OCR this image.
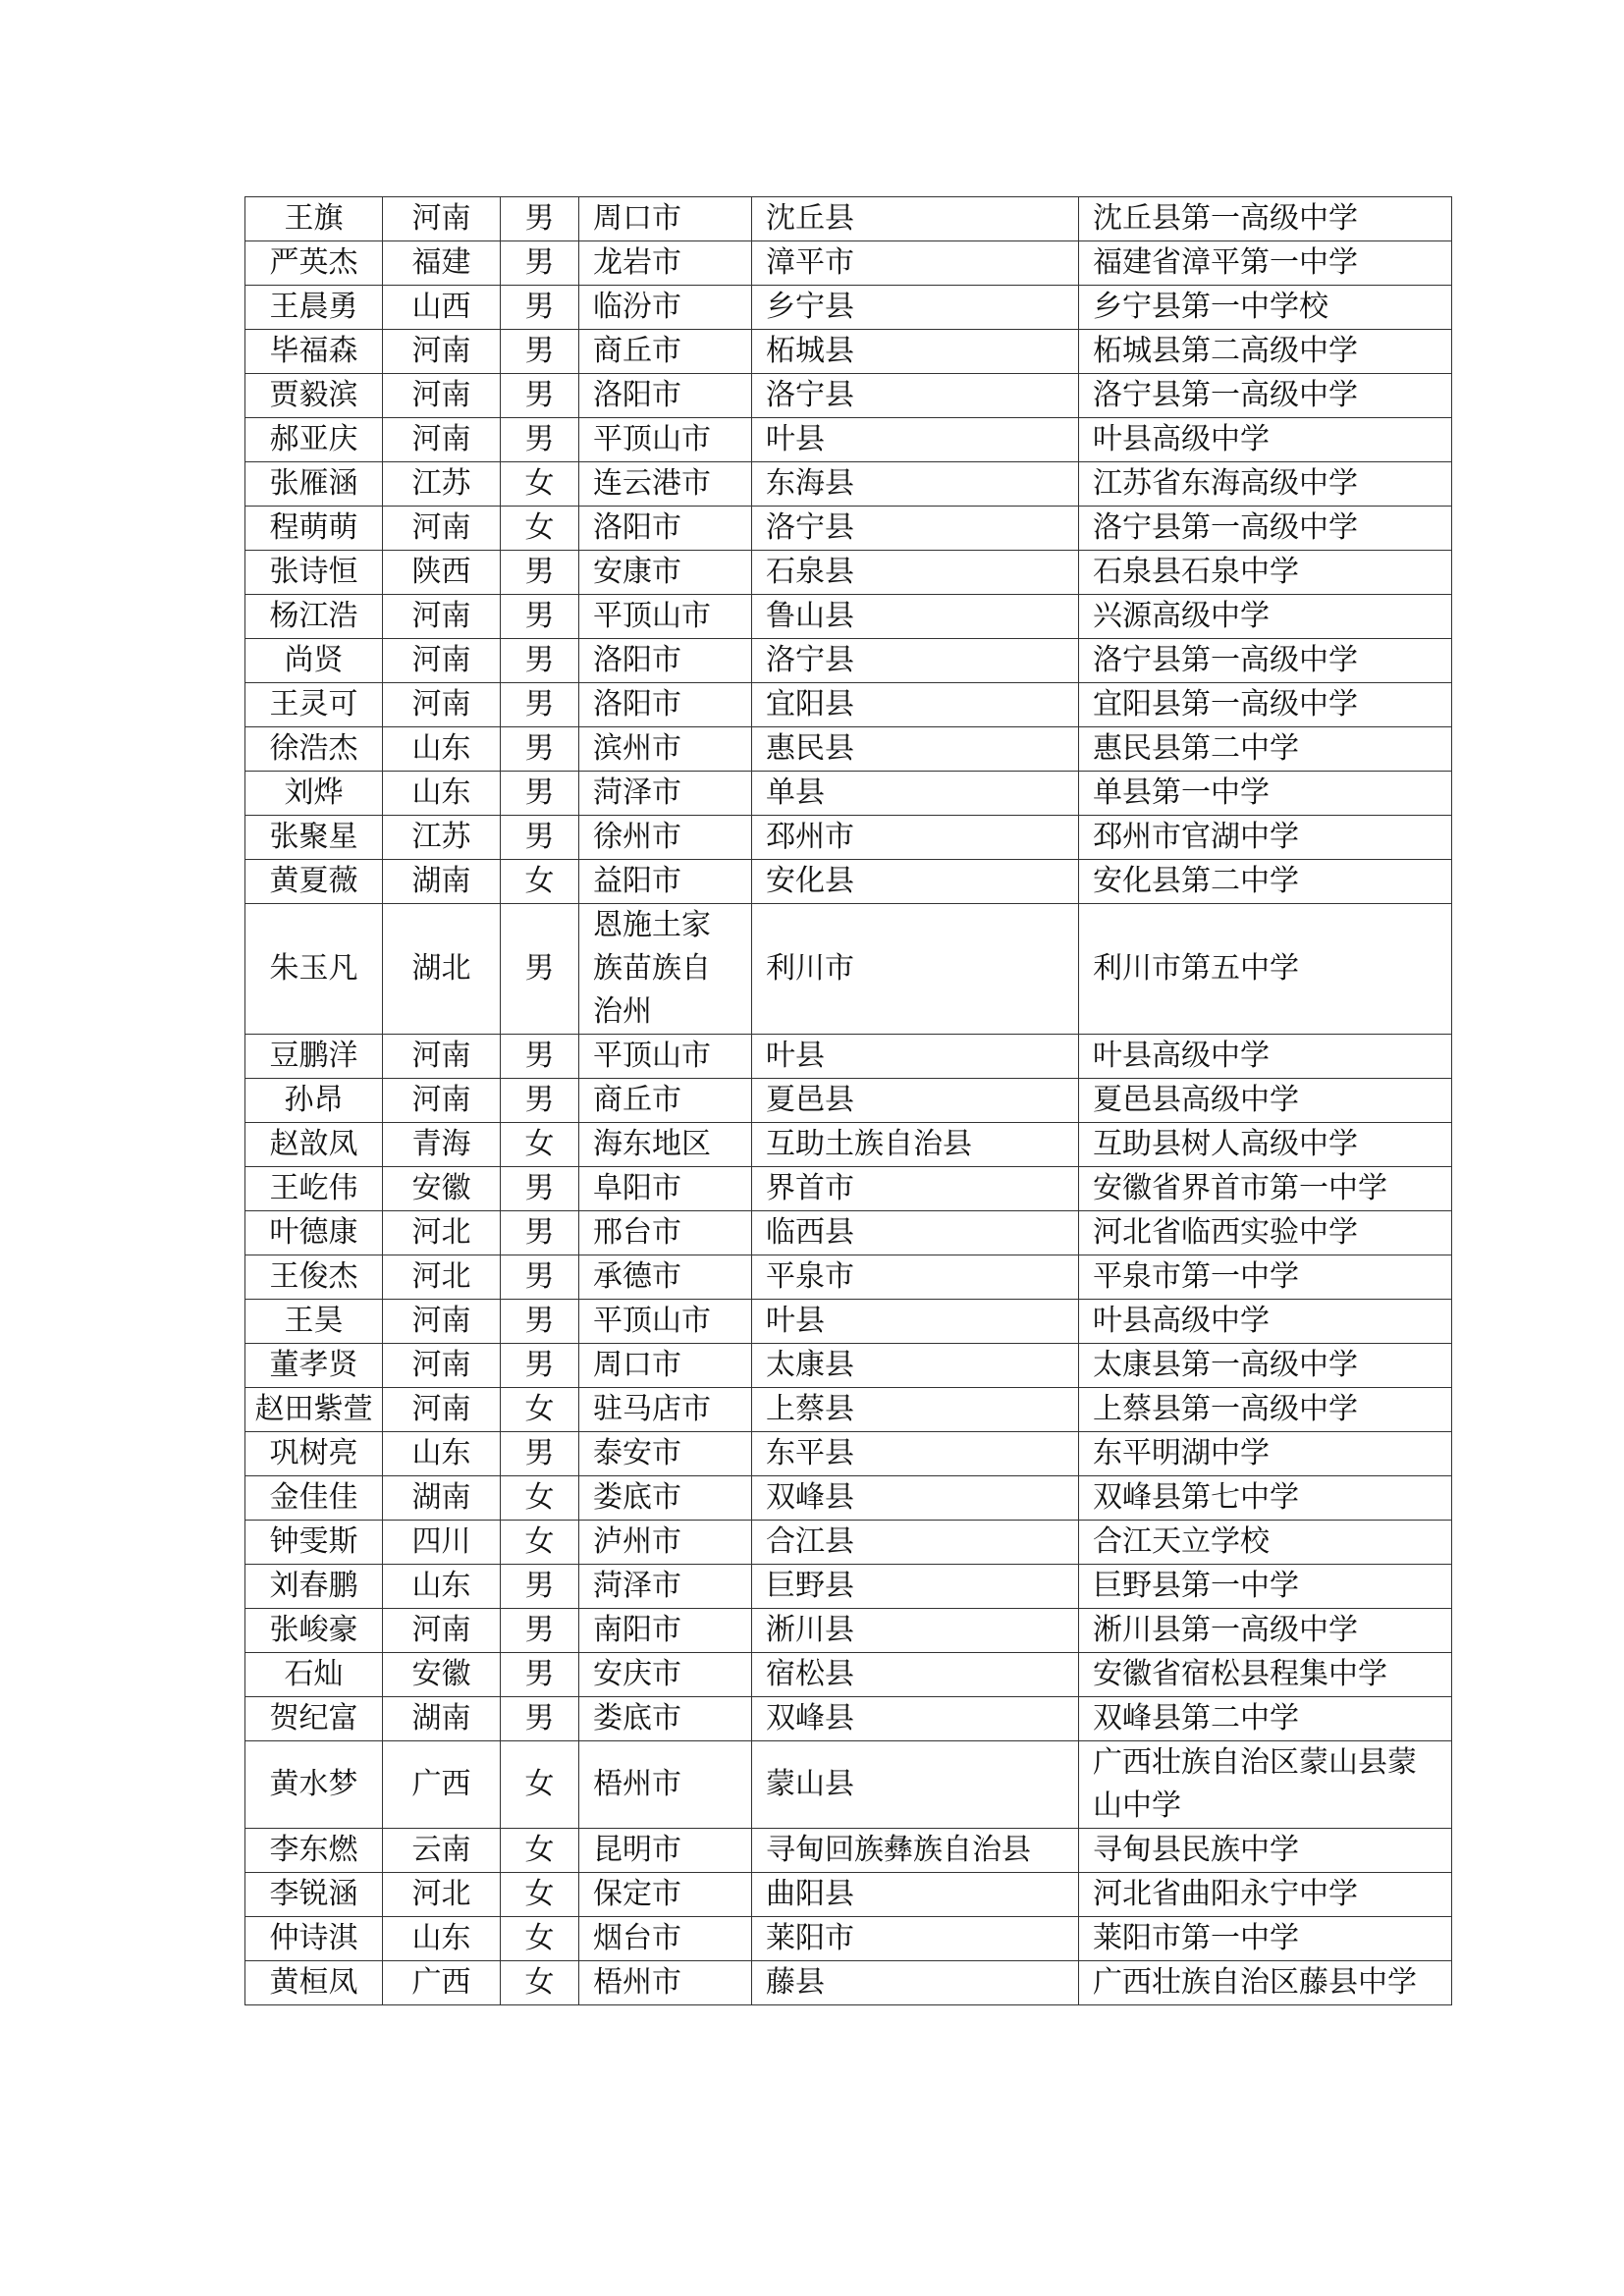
王旗	河南	男	周口市	沈丘县	沈丘县第一高级中学
严英杰	福建	男	龙岩市	漳平市	福建省漳平第一中学
王晨勇	山西	男	临汾市	乡宁县	乡宁县第一中学校
毕福森	河南	男	商丘市	柘城县	柘城县第二高级中学
贾毅滨	河南	男	洛阳市	洛宁县	洛宁县第一高级中学
郝亚庆	河南	男	平顶山市	叶县	叶县高级中学
张雁涵	江苏	女	连云港市	东海县	江苏省东海高级中学
程萌萌	河南	女	洛阳市	洛宁县	洛宁县第一高级中学
张诗恒	陕西	男	安康市	石泉县	石泉县石泉中学
杨江浩	河南	男	平顶山市	鲁山县	兴源高级中学
尚贤	河南	男	洛阳市	洛宁县	洛宁县第一高级中学
王灵可	河南	男	洛阳市	宜阳县	宜阳县第一高级中学
徐浩杰	山东	男	滨州市	惠民县	惠民县第二中学
刘烨	山东	男	菏泽市	单县	单县第一中学
张聚星	江苏	男	徐州市	邳州市	邳州市官湖中学
黄夏薇	湖南	女	益阳市	安化县	安化县第二中学
朱玉凡	湖北	男	恩施土家族苗族自治州	利川市	利川市第五中学
豆鹏洋	河南	男	平顶山市	叶县	叶县高级中学
孙昂	河南	男	商丘市	夏邑县	夏邑县高级中学
赵敨凤	青海	女	海东地区	互助土族自治县	互助县树人高级中学
王屹伟	安徽	男	阜阳市	界首市	安徽省界首市第一中学
叶德康	河北	男	邢台市	临西县	河北省临西实验中学
王俊杰	河北	男	承德市	平泉市	平泉市第一中学
王昊	河南	男	平顶山市	叶县	叶县高级中学
董孝贤	河南	男	周口市	太康县	太康县第一高级中学
赵田紫萱	河南	女	驻马店市	上蔡县	上蔡县第一高级中学
巩树亮	山东	男	泰安市	东平县	东平明湖中学
金佳佳	湖南	女	娄底市	双峰县	双峰县第七中学
钟雯斯	四川	女	泸州市	合江县	合江天立学校
刘春鹏	山东	男	菏泽市	巨野县	巨野县第一中学
张峻豪	河南	男	南阳市	淅川县	淅川县第一高级中学
石灿	安徽	男	安庆市	宿松县	安徽省宿松县程集中学
贺纪富	湖南	男	娄底市	双峰县	双峰县第二中学
黄水梦	广西	女	梧州市	蒙山县	广西壮族自治区蒙山县蒙山中学
李东燃	云南	女	昆明市	寻甸回族彝族自治县	寻甸县民族中学
李锐涵	河北	女	保定市	曲阳县	河北省曲阳永宁中学
仲诗淇	山东	女	烟台市	莱阳市	莱阳市第一中学
黄桓凤	广西	女	梧州市	藤县	广西壮族自治区藤县中学
